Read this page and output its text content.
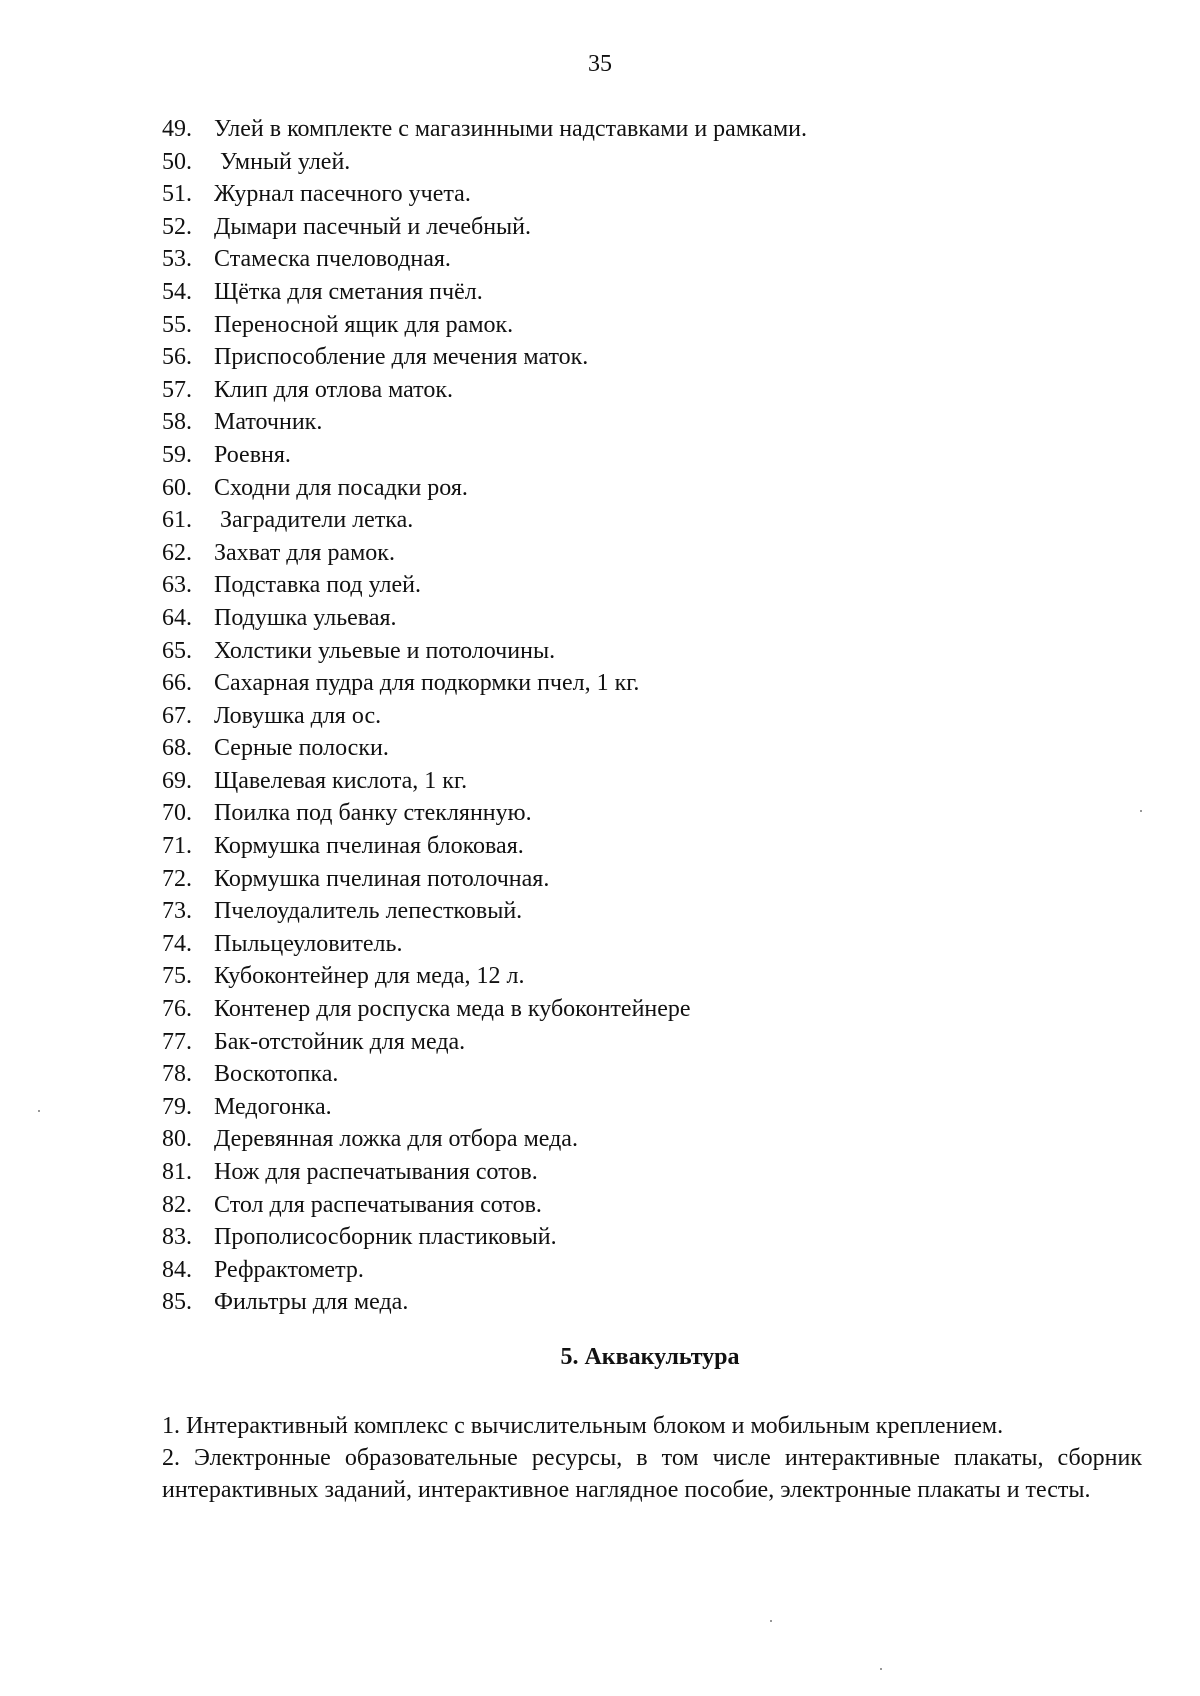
35
49. Улей в комплекте с магазинными надставками и рамками.
50. Умный улей.
51. Журнал пасечного учета.
52. Дымари пасечный и лечебный.
53. Стамеска пчеловодная.
54. Щётка для сметания пчёл.
55. Переносной ящик для рамок.
56. Приспособление для мечения маток.
57. Клип для отлова маток.
58. Маточник.
59. Роевня.
60. Сходни для посадки роя.
61. Заградители летка.
62. Захват для рамок.
63. Подставка под улей.
64. Подушка ульевая.
65. Холстики ульевые и потолочины.
66. Сахарная пудра для подкормки пчел, 1 кг.
67. Ловушка для ос.
68. Серные полоски.
69. Щавелевая кислота, 1 кг.
70. Поилка под банку стеклянную.
71. Кормушка пчелиная блоковая.
72. Кормушка пчелиная потолочная.
73. Пчелоудалитель лепестковый.
74. Пыльцеуловитель.
75. Кубоконтейнер для меда, 12 л.
76. Контенер для роспуска меда в кубоконтейнере
77. Бак-отстойник для меда.
78. Воскотопка.
79. Медогонка.
80. Деревянная ложка для отбора меда.
81. Нож для распечатывания сотов.
82. Стол для распечатывания сотов.
83. Прополисосборник пластиковый.
84. Рефрактометр.
85. Фильтры для меда.
5. Аквакультура

1. Интерактивный комплекс с вычислительным блоком и мобильным креплением.

2. Электронные образовательные ресурсы, в том числе интерактивные плакаты, сборник интерактивных заданий, интерактивное наглядное пособие, электронные плакаты и тесты.
